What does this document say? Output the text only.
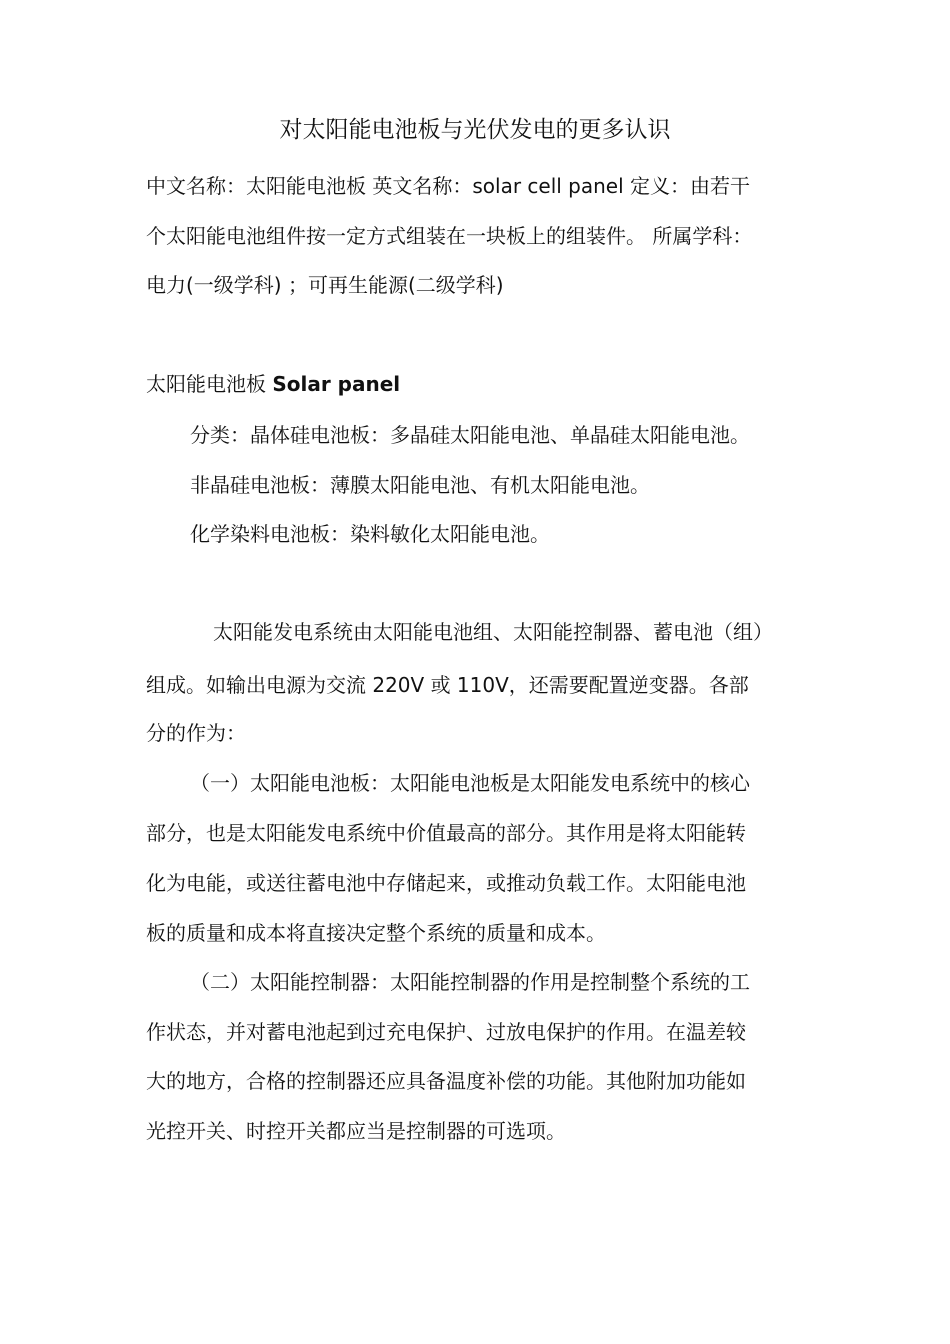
对太阳能电池板与光伏发电的更多认识
中文名称：太阳能电池板 英文名称：solar cell panel 定义：由若干
个太阳能电池组件按一定方式组装在一块板上的组装件。 所属学科：
电力(一级学科) ；可再生能源(二级学科)
太阳能电池板 Solar panel
分类：晶体硅电池板：多晶硅太阳能电池、单晶硅太阳能电池。
非晶硅电池板：薄膜太阳能电池、有机太阳能电池。
化学染料电池板：染料敏化太阳能电池。
太阳能发电系统由太阳能电池组、太阳能控制器、蓄电池（组）
组成。如输出电源为交流 220V 或 110V，还需要配置逆变器。各部
分的作为：
（一）太阳能电池板：太阳能电池板是太阳能发电系统中的核心
部分，也是太阳能发电系统中价值最高的部分。其作用是将太阳能转
化为电能，或送往蓄电池中存储起来，或推动负载工作。太阳能电池
板的质量和成本将直接决定整个系统的质量和成本。
（二）太阳能控制器：太阳能控制器的作用是控制整个系统的工
作状态，并对蓄电池起到过充电保护、过放电保护的作用。在温差较
大的地方，合格的控制器还应具备温度补偿的功能。其他附加功能如
光控开关、时控开关都应当是控制器的可选项。
